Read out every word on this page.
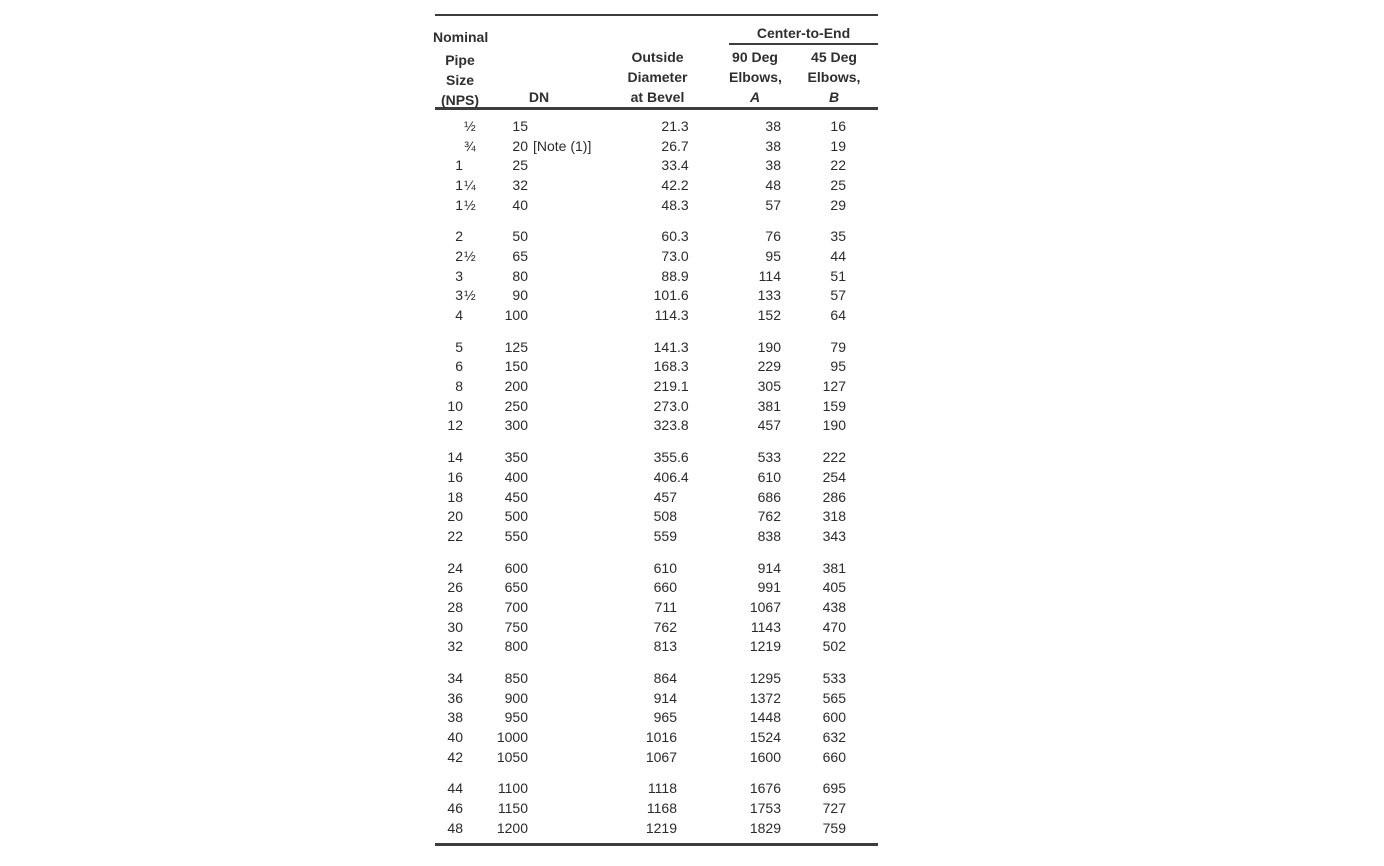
Nominal
Pipe
Size
(NPS)	DN
Outside
Diameter
at Bevel
Center-to-End
90 Deg
Elbows,
A
45 Deg
Elbows,
B
½	15	21 .3	38	16
¾	20 [Note (1)]	26 .7	38	19
1	25	33 .4	38	22
1 ¼	32	42 .2	48	25
1 ½	40	48 .3	57	29
2	50	60 .3	76	35
2 ½	65	73 .0	95	44
3	80	88 .9	114	51
3 ½	90	101 .6	133	57
4	100	114 .3	152	64
5	125	141 .3	190	79
6	150	168 .3	229	95
8	200	219 .1	305	127
10	250	273 .0	381	159
12	300	323 .8	457	190
14	350	355 .6	533	222
16	400	406 .4	610	254
18	450	457	686	286
20	500	508	762	318
22	550	559	838	343
24	600	610	914	381
26	650	660	991	405
28	700	711	1067	438
30	750	762	1143	470
32	800	813	1219	502
34	850	864	1295	533
36	900	914	1372	565
38	950	965	1448	600
40	1000	1016	1524	632
42	1050	1067	1600	660
44	1100	1118	1676	695
46	1150	1168	1753	727
48	1200	1219	1829	759
